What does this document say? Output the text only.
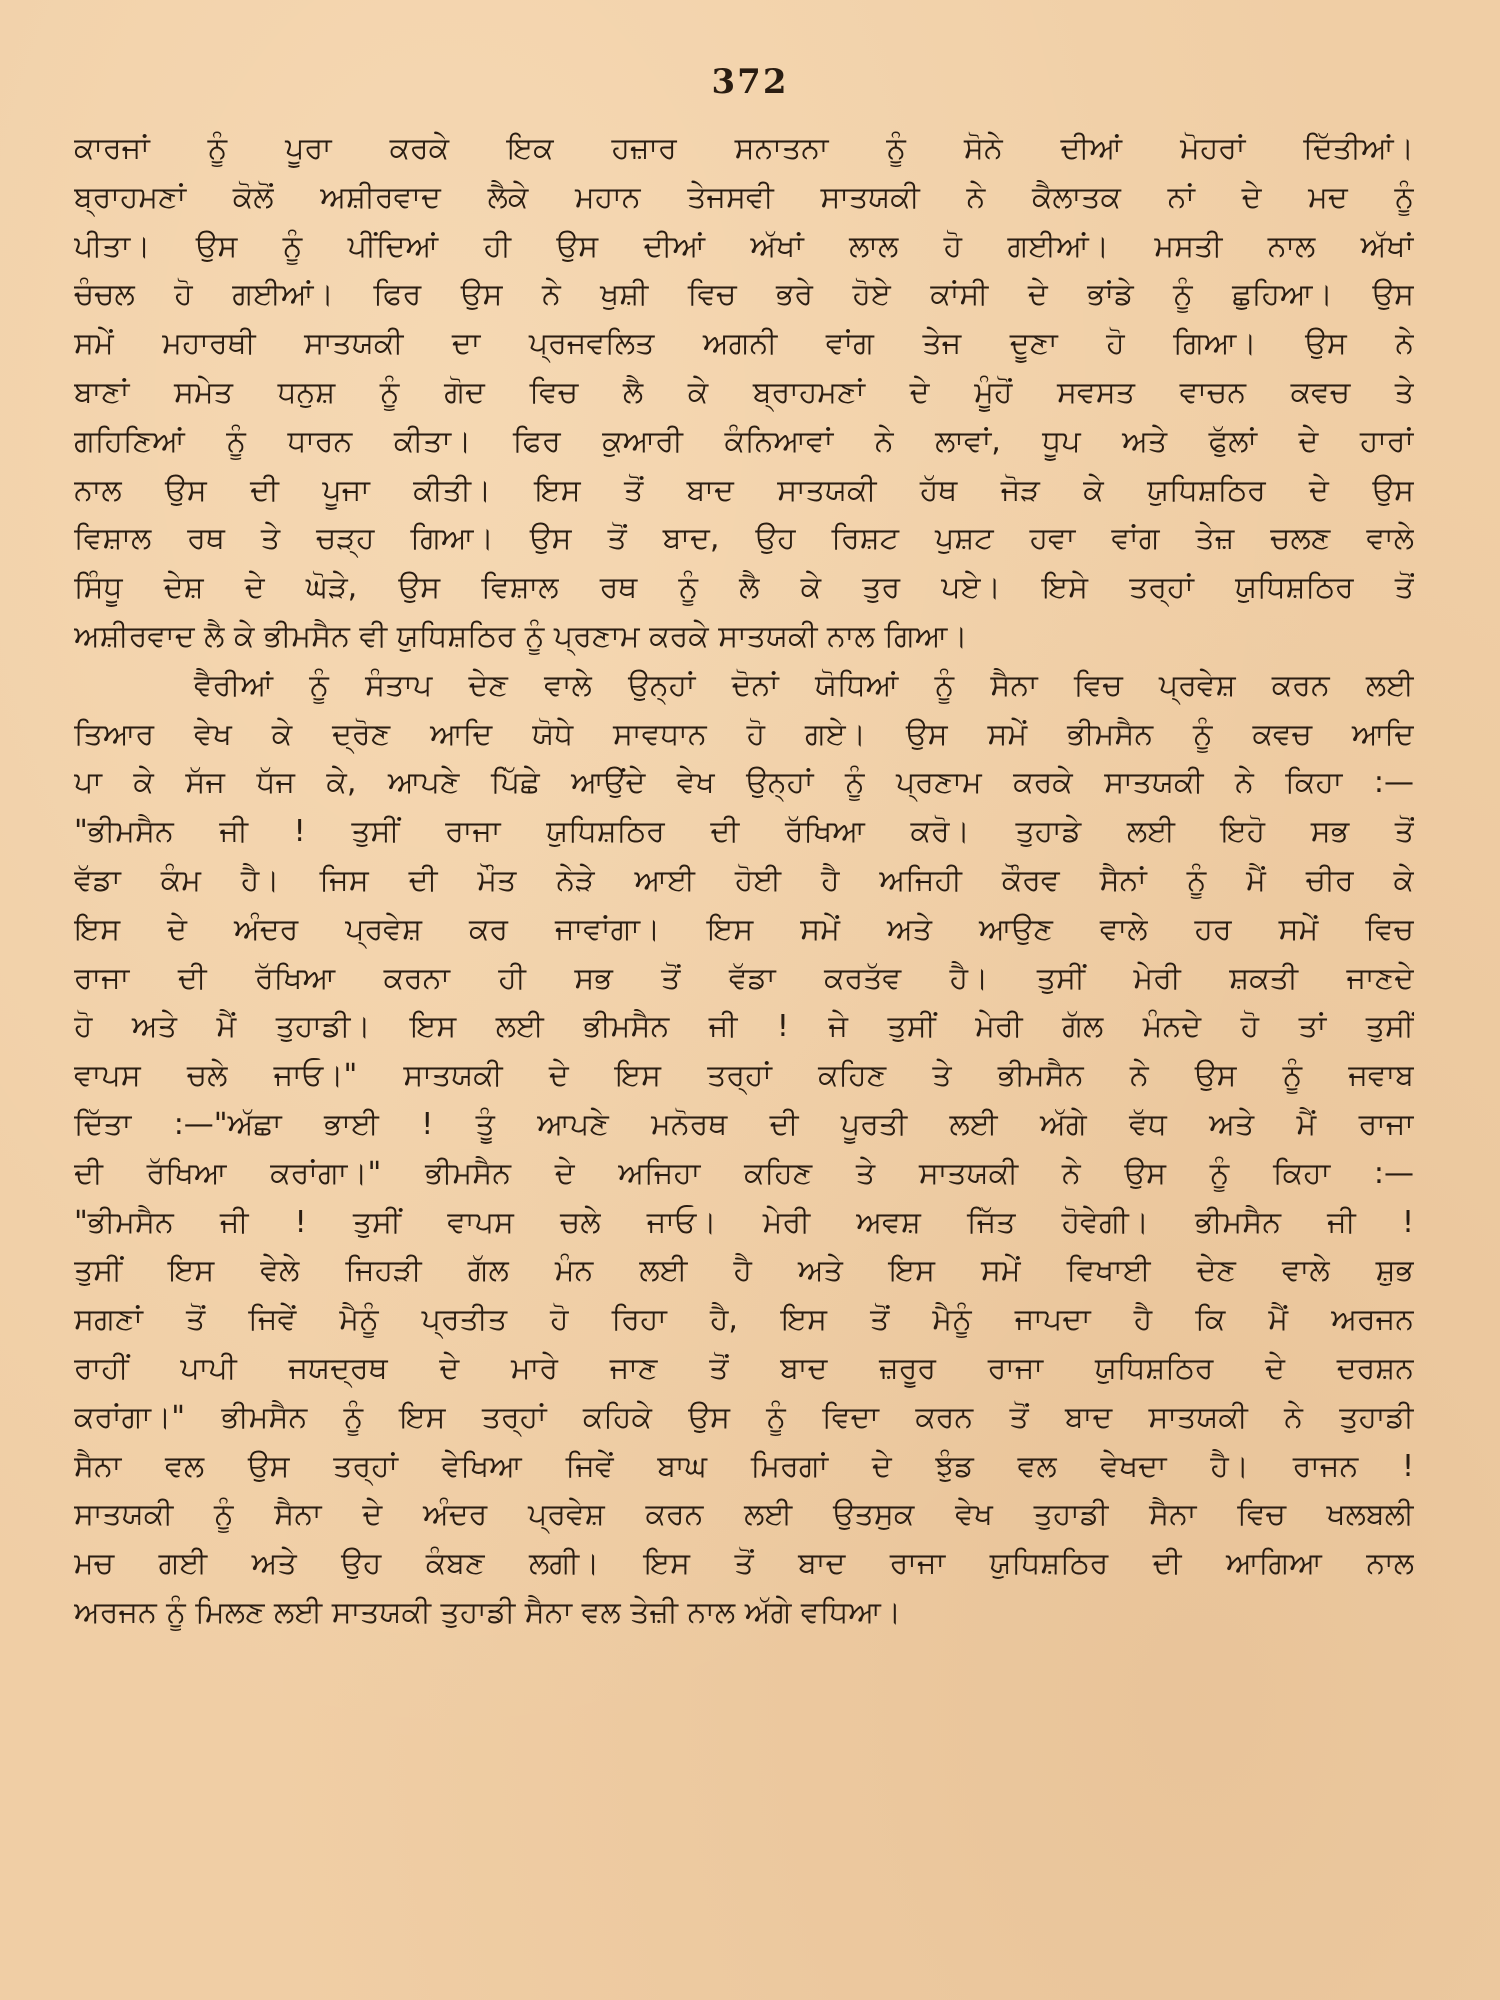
372
ਕਾਰਜਾਂ ਨੂੰ ਪੂਰਾ ਕਰਕੇ ਇਕ ਹਜ਼ਾਰ ਸਨਾਤਨਾ ਨੂੰ ਸੋਨੇ ਦੀਆਂ ਮੋਹਰਾਂ ਦਿੱਤੀਆਂ।
ਬ੍ਰਾਹਮਣਾਂ ਕੋਲੋਂ ਅਸ਼ੀਰਵਾਦ ਲੈਕੇ ਮਹਾਨ ਤੇਜਸਵੀ ਸਾਤਯਕੀ ਨੇ ਕੈਲਾਤਕ ਨਾਂ ਦੇ ਮਦ ਨੂੰ
ਪੀਤਾ। ਉਸ ਨੂੰ ਪੀਂਦਿਆਂ ਹੀ ਉਸ ਦੀਆਂ ਅੱਖਾਂ ਲਾਲ ਹੋ ਗਈਆਂ। ਮਸਤੀ ਨਾਲ ਅੱਖਾਂ
ਚੰਚਲ ਹੋ ਗਈਆਂ। ਫਿਰ ਉਸ ਨੇ ਖੁਸ਼ੀ ਵਿਚ ਭਰੇ ਹੋਏ ਕਾਂਸੀ ਦੇ ਭਾਂਡੇ ਨੂੰ ਛੁਹਿਆ। ਉਸ
ਸਮੇਂ ਮਹਾਰਥੀ ਸਾਤਯਕੀ ਦਾ ਪ੍ਰਜਵਲਿਤ ਅਗਨੀ ਵਾਂਗ ਤੇਜ ਦੂਣਾ ਹੋ ਗਿਆ। ਉਸ ਨੇ
ਬਾਣਾਂ ਸਮੇਤ ਧਨੁਸ਼ ਨੂੰ ਗੋਦ ਵਿਚ ਲੈ ਕੇ ਬ੍ਰਾਹਮਣਾਂ ਦੇ ਮੂੰਹੋਂ ਸਵਸਤ ਵਾਚਨ ਕਵਚ ਤੇ
ਗਹਿਣਿਆਂ ਨੂੰ ਧਾਰਨ ਕੀਤਾ। ਫਿਰ ਕੁਆਰੀ ਕੰਨਿਆਵਾਂ ਨੇ ਲਾਵਾਂ, ਧੂਪ ਅਤੇ ਫੁੱਲਾਂ ਦੇ ਹਾਰਾਂ
ਨਾਲ ਉਸ ਦੀ ਪੂਜਾ ਕੀਤੀ। ਇਸ ਤੋਂ ਬਾਦ ਸਾਤਯਕੀ ਹੱਥ ਜੋੜ ਕੇ ਯੁਧਿਸ਼ਠਿਰ ਦੇ ਉਸ
ਵਿਸ਼ਾਲ ਰਥ ਤੇ ਚੜ੍ਹ ਗਿਆ। ਉਸ ਤੋਂ ਬਾਦ, ਉਹ ਰਿਸ਼ਟ ਪੁਸ਼ਟ ਹਵਾ ਵਾਂਗ ਤੇਜ਼ ਚਲਣ ਵਾਲੇ
ਸਿੰਧੂ ਦੇਸ਼ ਦੇ ਘੋੜੇ, ਉਸ ਵਿਸ਼ਾਲ ਰਥ ਨੂੰ ਲੈ ਕੇ ਤੁਰ ਪਏ। ਇਸੇ ਤਰ੍ਹਾਂ ਯੁਧਿਸ਼ਠਿਰ ਤੋਂ
ਅਸ਼ੀਰਵਾਦ ਲੈ ਕੇ ਭੀਮਸੈਨ ਵੀ ਯੁਧਿਸ਼ਠਿਰ ਨੂੰ ਪ੍ਰਣਾਮ ਕਰਕੇ ਸਾਤਯਕੀ ਨਾਲ ਗਿਆ।
ਵੈਰੀਆਂ ਨੂੰ ਸੰਤਾਪ ਦੇਣ ਵਾਲੇ ਉਨ੍ਹਾਂ ਦੋਨਾਂ ਯੋਧਿਆਂ ਨੂੰ ਸੈਨਾ ਵਿਚ ਪ੍ਰਵੇਸ਼ ਕਰਨ ਲਈ
ਤਿਆਰ ਵੇਖ ਕੇ ਦ੍ਰੋਣ ਆਦਿ ਯੋਧੇ ਸਾਵਧਾਨ ਹੋ ਗਏ। ਉਸ ਸਮੇਂ ਭੀਮਸੈਨ ਨੂੰ ਕਵਚ ਆਦਿ
ਪਾ ਕੇ ਸੱਜ ਧੱਜ ਕੇ, ਆਪਣੇ ਪਿੱਛੇ ਆਉਂਦੇ ਵੇਖ ਉਨ੍ਹਾਂ ਨੂੰ ਪ੍ਰਣਾਮ ਕਰਕੇ ਸਾਤਯਕੀ ਨੇ ਕਿਹਾ :—
"ਭੀਮਸੈਨ ਜੀ ! ਤੁਸੀਂ ਰਾਜਾ ਯੁਧਿਸ਼ਠਿਰ ਦੀ ਰੱਖਿਆ ਕਰੋ। ਤੁਹਾਡੇ ਲਈ ਇਹੋ ਸਭ ਤੋਂ
ਵੱਡਾ ਕੰਮ ਹੈ। ਜਿਸ ਦੀ ਮੌਤ ਨੇੜੇ ਆਈ ਹੋਈ ਹੈ ਅਜਿਹੀ ਕੌਰਵ ਸੈਨਾਂ ਨੂੰ ਮੈਂ ਚੀਰ ਕੇ
ਇਸ ਦੇ ਅੰਦਰ ਪ੍ਰਵੇਸ਼ ਕਰ ਜਾਵਾਂਗਾ। ਇਸ ਸਮੇਂ ਅਤੇ ਆਉਣ ਵਾਲੇ ਹਰ ਸਮੇਂ ਵਿਚ
ਰਾਜਾ ਦੀ ਰੱਖਿਆ ਕਰਨਾ ਹੀ ਸਭ ਤੋਂ ਵੱਡਾ ਕਰਤੱਵ ਹੈ। ਤੁਸੀਂ ਮੇਰੀ ਸ਼ਕਤੀ ਜਾਣਦੇ
ਹੋ ਅਤੇ ਮੈਂ ਤੁਹਾਡੀ। ਇਸ ਲਈ ਭੀਮਸੈਨ ਜੀ ! ਜੇ ਤੁਸੀਂ ਮੇਰੀ ਗੱਲ ਮੰਨਦੇ ਹੋ ਤਾਂ ਤੁਸੀਂ
ਵਾਪਸ ਚਲੇ ਜਾਓ।" ਸਾਤਯਕੀ ਦੇ ਇਸ ਤਰ੍ਹਾਂ ਕਹਿਣ ਤੇ ਭੀਮਸੈਨ ਨੇ ਉਸ ਨੂੰ ਜਵਾਬ
ਦਿੱਤਾ :—"ਅੱਛਾ ਭਾਈ ! ਤੂੰ ਆਪਣੇ ਮਨੋਰਥ ਦੀ ਪੂਰਤੀ ਲਈ ਅੱਗੇ ਵੱਧ ਅਤੇ ਮੈਂ ਰਾਜਾ
ਦੀ ਰੱਖਿਆ ਕਰਾਂਗਾ।" ਭੀਮਸੈਨ ਦੇ ਅਜਿਹਾ ਕਹਿਣ ਤੇ ਸਾਤਯਕੀ ਨੇ ਉਸ ਨੂੰ ਕਿਹਾ :—
"ਭੀਮਸੈਨ ਜੀ ! ਤੁਸੀਂ ਵਾਪਸ ਚਲੇ ਜਾਓ। ਮੇਰੀ ਅਵਸ਼ ਜਿੱਤ ਹੋਵੇਗੀ। ਭੀਮਸੈਨ ਜੀ !
ਤੁਸੀਂ ਇਸ ਵੇਲੇ ਜਿਹੜੀ ਗੱਲ ਮੰਨ ਲਈ ਹੈ ਅਤੇ ਇਸ ਸਮੇਂ ਵਿਖਾਈ ਦੇਣ ਵਾਲੇ ਸ਼ੁਭ
ਸਗਣਾਂ ਤੋਂ ਜਿਵੇਂ ਮੈਨੂੰ ਪ੍ਰਤੀਤ ਹੋ ਰਿਹਾ ਹੈ, ਇਸ ਤੋਂ ਮੈਨੂੰ ਜਾਪਦਾ ਹੈ ਕਿ ਮੈਂ ਅਰਜਨ
ਰਾਹੀਂ ਪਾਪੀ ਜਯਦ੍ਰਥ ਦੇ ਮਾਰੇ ਜਾਣ ਤੋਂ ਬਾਦ ਜ਼ਰੂਰ ਰਾਜਾ ਯੁਧਿਸ਼ਠਿਰ ਦੇ ਦਰਸ਼ਨ
ਕਰਾਂਗਾ।" ਭੀਮਸੈਨ ਨੂੰ ਇਸ ਤਰ੍ਹਾਂ ਕਹਿਕੇ ਉਸ ਨੂੰ ਵਿਦਾ ਕਰਨ ਤੋਂ ਬਾਦ ਸਾਤਯਕੀ ਨੇ ਤੁਹਾਡੀ
ਸੈਨਾ ਵਲ ਉਸ ਤਰ੍ਹਾਂ ਵੇਖਿਆ ਜਿਵੇਂ ਬਾਘ ਮਿਰਗਾਂ ਦੇ ਝੁੰਡ ਵਲ ਵੇਖਦਾ ਹੈ। ਰਾਜਨ !
ਸਾਤਯਕੀ ਨੂੰ ਸੈਨਾ ਦੇ ਅੰਦਰ ਪ੍ਰਵੇਸ਼ ਕਰਨ ਲਈ ਉਤਸੁਕ ਵੇਖ ਤੁਹਾਡੀ ਸੈਨਾ ਵਿਚ ਖਲਬਲੀ
ਮਚ ਗਈ ਅਤੇ ਉਹ ਕੰਬਣ ਲਗੀ। ਇਸ ਤੋਂ ਬਾਦ ਰਾਜਾ ਯੁਧਿਸ਼ਠਿਰ ਦੀ ਆਗਿਆ ਨਾਲ
ਅਰਜਨ ਨੂੰ ਮਿਲਣ ਲਈ ਸਾਤਯਕੀ ਤੁਹਾਡੀ ਸੈਨਾ ਵਲ ਤੇਜ਼ੀ ਨਾਲ ਅੱਗੇ ਵਧਿਆ।
